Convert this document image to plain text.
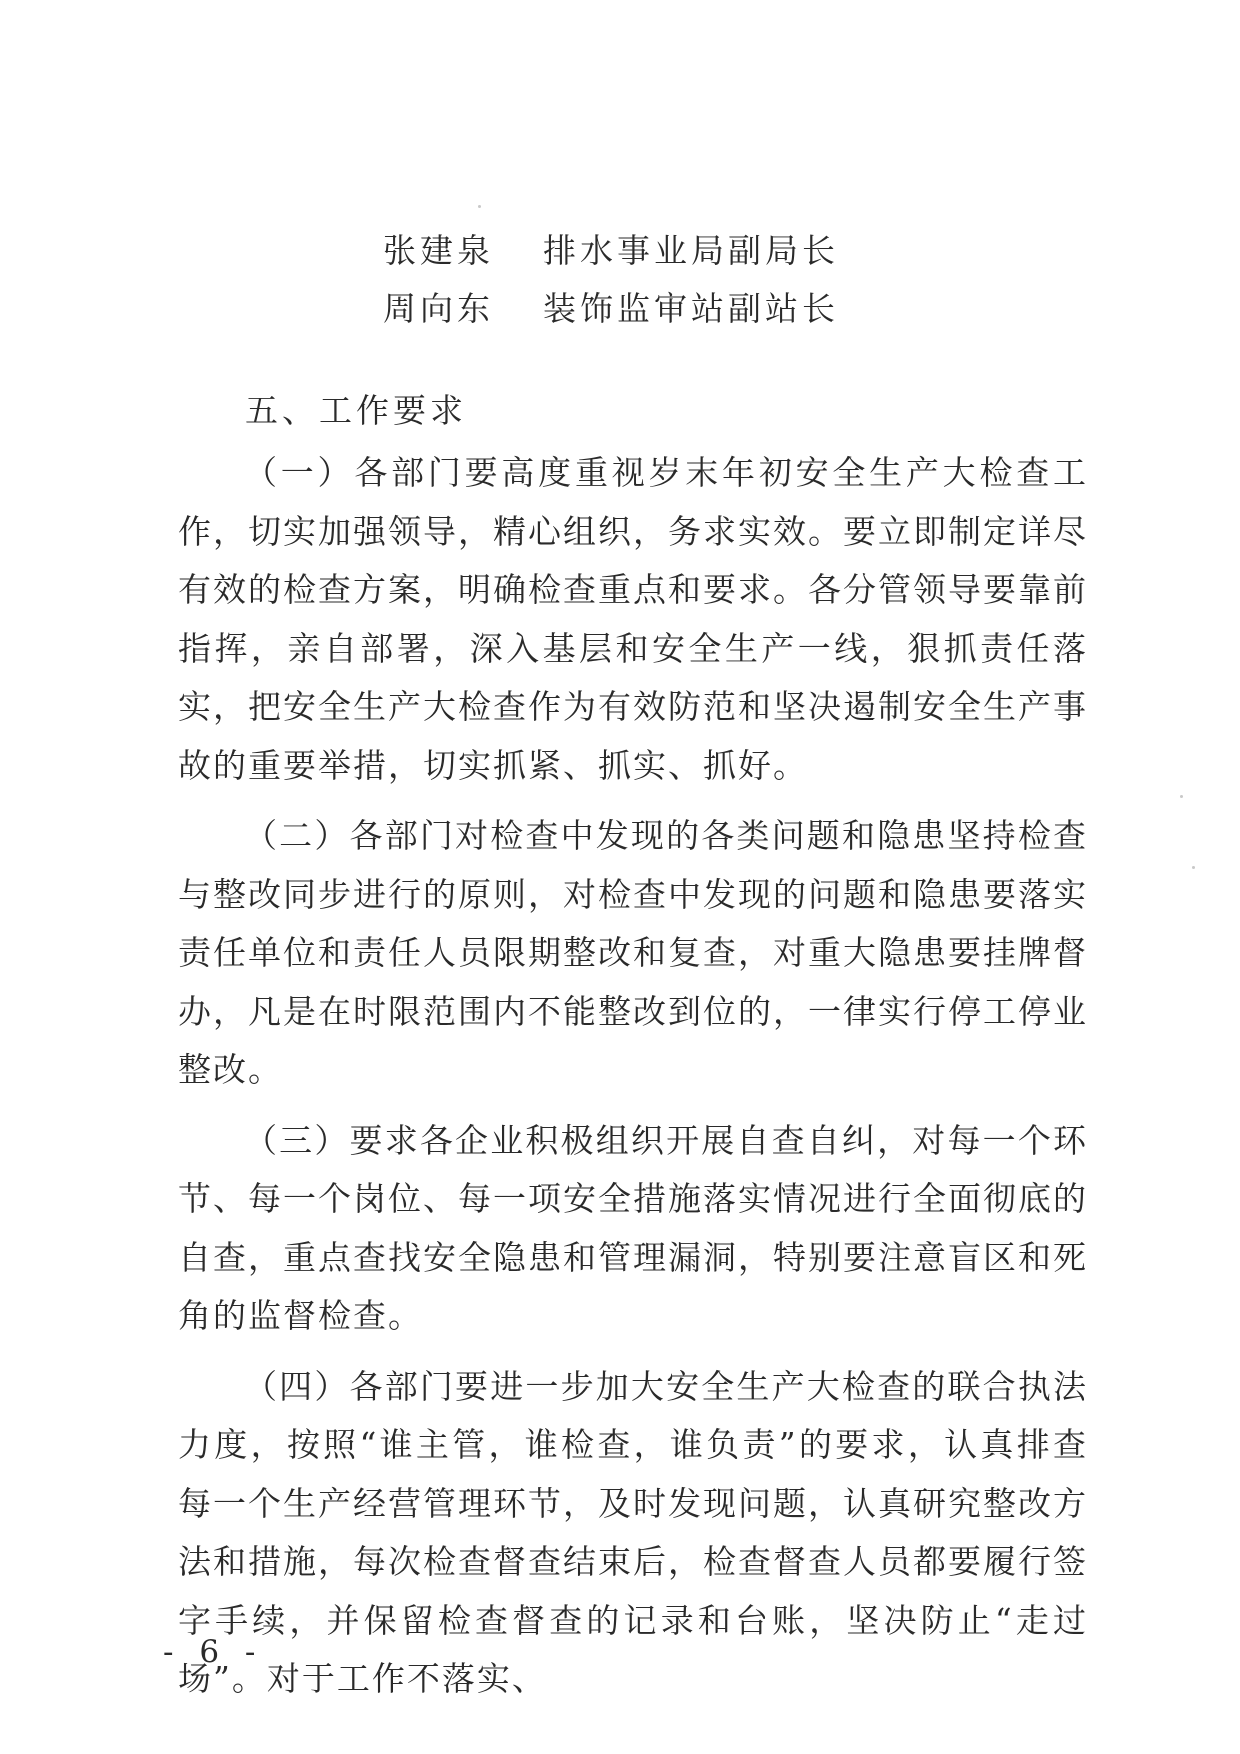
张建泉 排水事业局副局长
周向东 装饰监审站副站长
五、工作要求

（一）各部门要高度重视岁末年初安全生产大检查工作，切实加强领导，精心组织，务求实效。要立即制定详尽有效的检查方案，明确检查重点和要求。各分管领导要靠前指挥，亲自部署，深入基层和安全生产一线，狠抓责任落实，把安全生产大检查作为有效防范和坚决遏制安全生产事故的重要举措，切实抓紧、抓实、抓好。

（二）各部门对检查中发现的各类问题和隐患坚持检查与整改同步进行的原则，对检查中发现的问题和隐患要落实责任单位和责任人员限期整改和复查，对重大隐患要挂牌督办，凡是在时限范围内不能整改到位的，一律实行停工停业整改。

（三）要求各企业积极组织开展自查自纠，对每一个环节、每一个岗位、每一项安全措施落实情况进行全面彻底的自查，重点查找安全隐患和管理漏洞，特别要注意盲区和死角的监督检查。

（四）各部门要进一步加大安全生产大检查的联合执法力度，按照“谁主管，谁检查，谁负责”的要求，认真排查每一个生产经营管理环节，及时发现问题，认真研究整改方法和措施，每次检查督查结束后，检查督查人员都要履行签字手续，并保留检查督查的记录和台账，坚决防止“走过场”。对于工作不落实、

- 6 -
